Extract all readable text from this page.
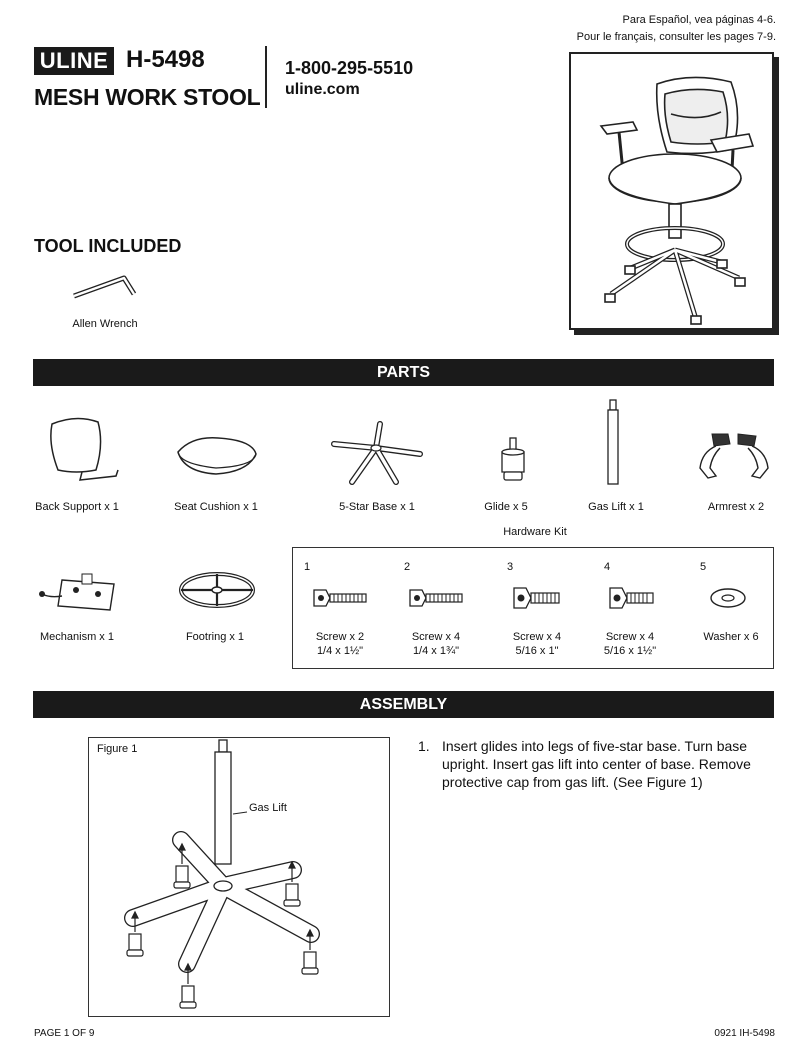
Para Español, vea páginas 4-6.
Pour le français, consulter les pages 7-9.
ULINE H-5498
MESH WORK STOOL
1-800-295-5510
uline.com
TOOL INCLUDED
Allen Wrench
PARTS
Back Support x 1	Seat Cushion x 1	5-Star Base x 1	Glide x 5	Gas Lift x 1	Armrest x 2
Mechanism x 1	Footring x 1
Hardware Kit
1
Screw x 2
1/4 x 1½"
2
Screw x 4
1/4 x 1¾"
3
Screw x 4
5/16 x 1"
4
Screw x 4
5/16 x 1½"
5
Washer x 6
ASSEMBLY
Figure 1
Gas Lift
1. Insert glides into legs of five-star base. Turn base upright. Insert gas lift into center of base. Remove protective cap from gas lift. (See Figure 1)
PAGE 1 OF 9	0921 IH-5498
